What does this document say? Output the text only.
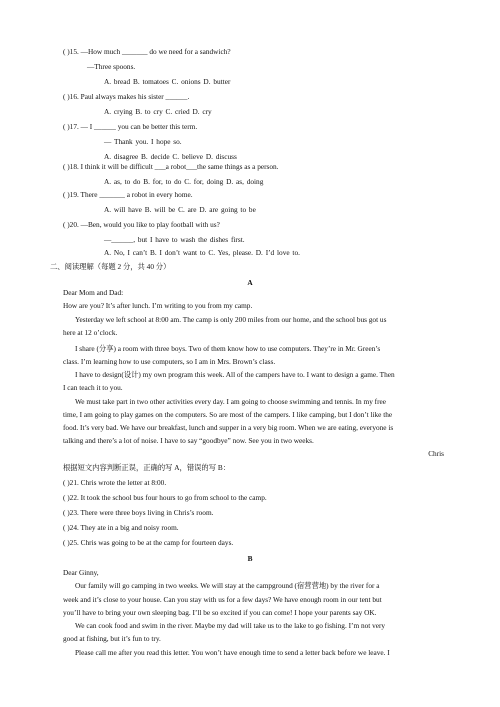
( )15. —How much _______ do we need for a sandwich?
—Three spoons.
A. bread B. tomatoes C. onions D. butter
( )16. Paul always makes his sister ______.
A. crying B. to cry C. cried D. cry
( )17. — I ______ you can be better this term.
— Thank you. I hope so.
A. disagree B. decide C. believe D. discuss
( )18. I think it will be difficult ___a robot___the same things as a person.
A. as, to do B. for, to do C. for, doing D. as, doing
( )19. There _______ a robot in every home.
A. will have B. will be C. are D. are going to be
( )20. —Ben, would you like to play football with us?
—______, but I have to wash the dishes first.
A. No, I can’t B. I don’t want to C. Yes, please. D. I’d love to.
二、阅读理解（每题 2 分，共 40 分）
A
Dear Mom and Dad:
How are you? It’s after lunch. I’m writing to you from my camp.
Yesterday we left school at 8:00 am. The camp is only 200 miles from our home, and the school bus got us
here at 12 o’clock.
I share (分享) a room with three boys. Two of them know how to use computers. They’re in Mr. Green’s
class. I’m learning how to use computers, so I am in Mrs. Brown’s class.
I have to design(设计) my own program this week. All of the campers have to. I want to design a game. Then
I can teach it to you.
We must take part in two other activities every day. I am going to choose swimming and tennis. In my free
time, I am going to play games on the computers. So are most of the campers. I like camping, but I don’t like the
food. It’s very bad. We have our breakfast, lunch and supper in a very big room. When we are eating, everyone is
talking and there’s a lot of noise. I have to say “goodbye” now. See you in two weeks.
Chris
根据短文内容判断正误，正确的写 A，错误的写 B：
( )21. Chris wrote the letter at 8:00.
( )22. It took the school bus four hours to go from school to the camp.
( )23. There were three boys living in Chris’s room.
( )24. They ate in a big and noisy room.
( )25. Chris was going to be at the camp for fourteen days.
B
Dear Ginny,
Our family will go camping in two weeks. We will stay at the campground (宿营营地) by the river for a
week and it’s close to your house. Can you stay with us for a few days? We have enough room in our tent but
you’ll have to bring your own sleeping bag. I’ll be so excited if you can come! I hope your parents say OK.
We can cook food and swim in the river. Maybe my dad will take us to the lake to go fishing. I’m not very
good at fishing, but it’s fun to try.
Please call me after you read this letter. You won’t have enough time to send a letter back before we leave. I
